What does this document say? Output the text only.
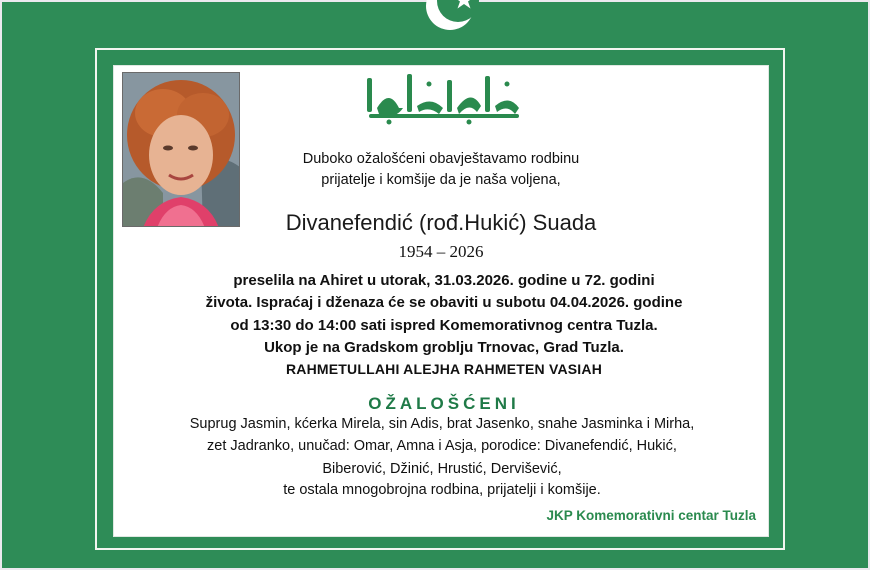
Duboko ožalošćeni obavještavamo rodbinu

prijatelje i komšije da je naša voljena,

Divanefendić (rođ.Hukić) Suada

1954 – 2026

preselila na Ahiret u utorak, 31.03.2026. godine u 72. godini

života. Ispraćaj i dženaza će se obaviti u subotu 04.04.2026. godine

od 13:30 do 14:00 sati ispred Komemorativnog centra Tuzla.

Ukop je na Gradskom groblju Trnovac, Grad Tuzla.

RAHMETULLAHI ALEJHA RAHMETEN VASIAH

OŽALOŠĆENI

Suprug Jasmin, kćerka Mirela, sin Adis, brat Jasenko, snahe Jasminka i Mirha,

zet Jadranko, unučad: Omar, Amna i Asja, porodice: Divanefendić, Hukić,

Biberović, Džinić, Hrustić, Dervišević,

te ostala mnogobrojna rodbina, prijatelji i komšije.

JKP Komemorativni centar Tuzla
